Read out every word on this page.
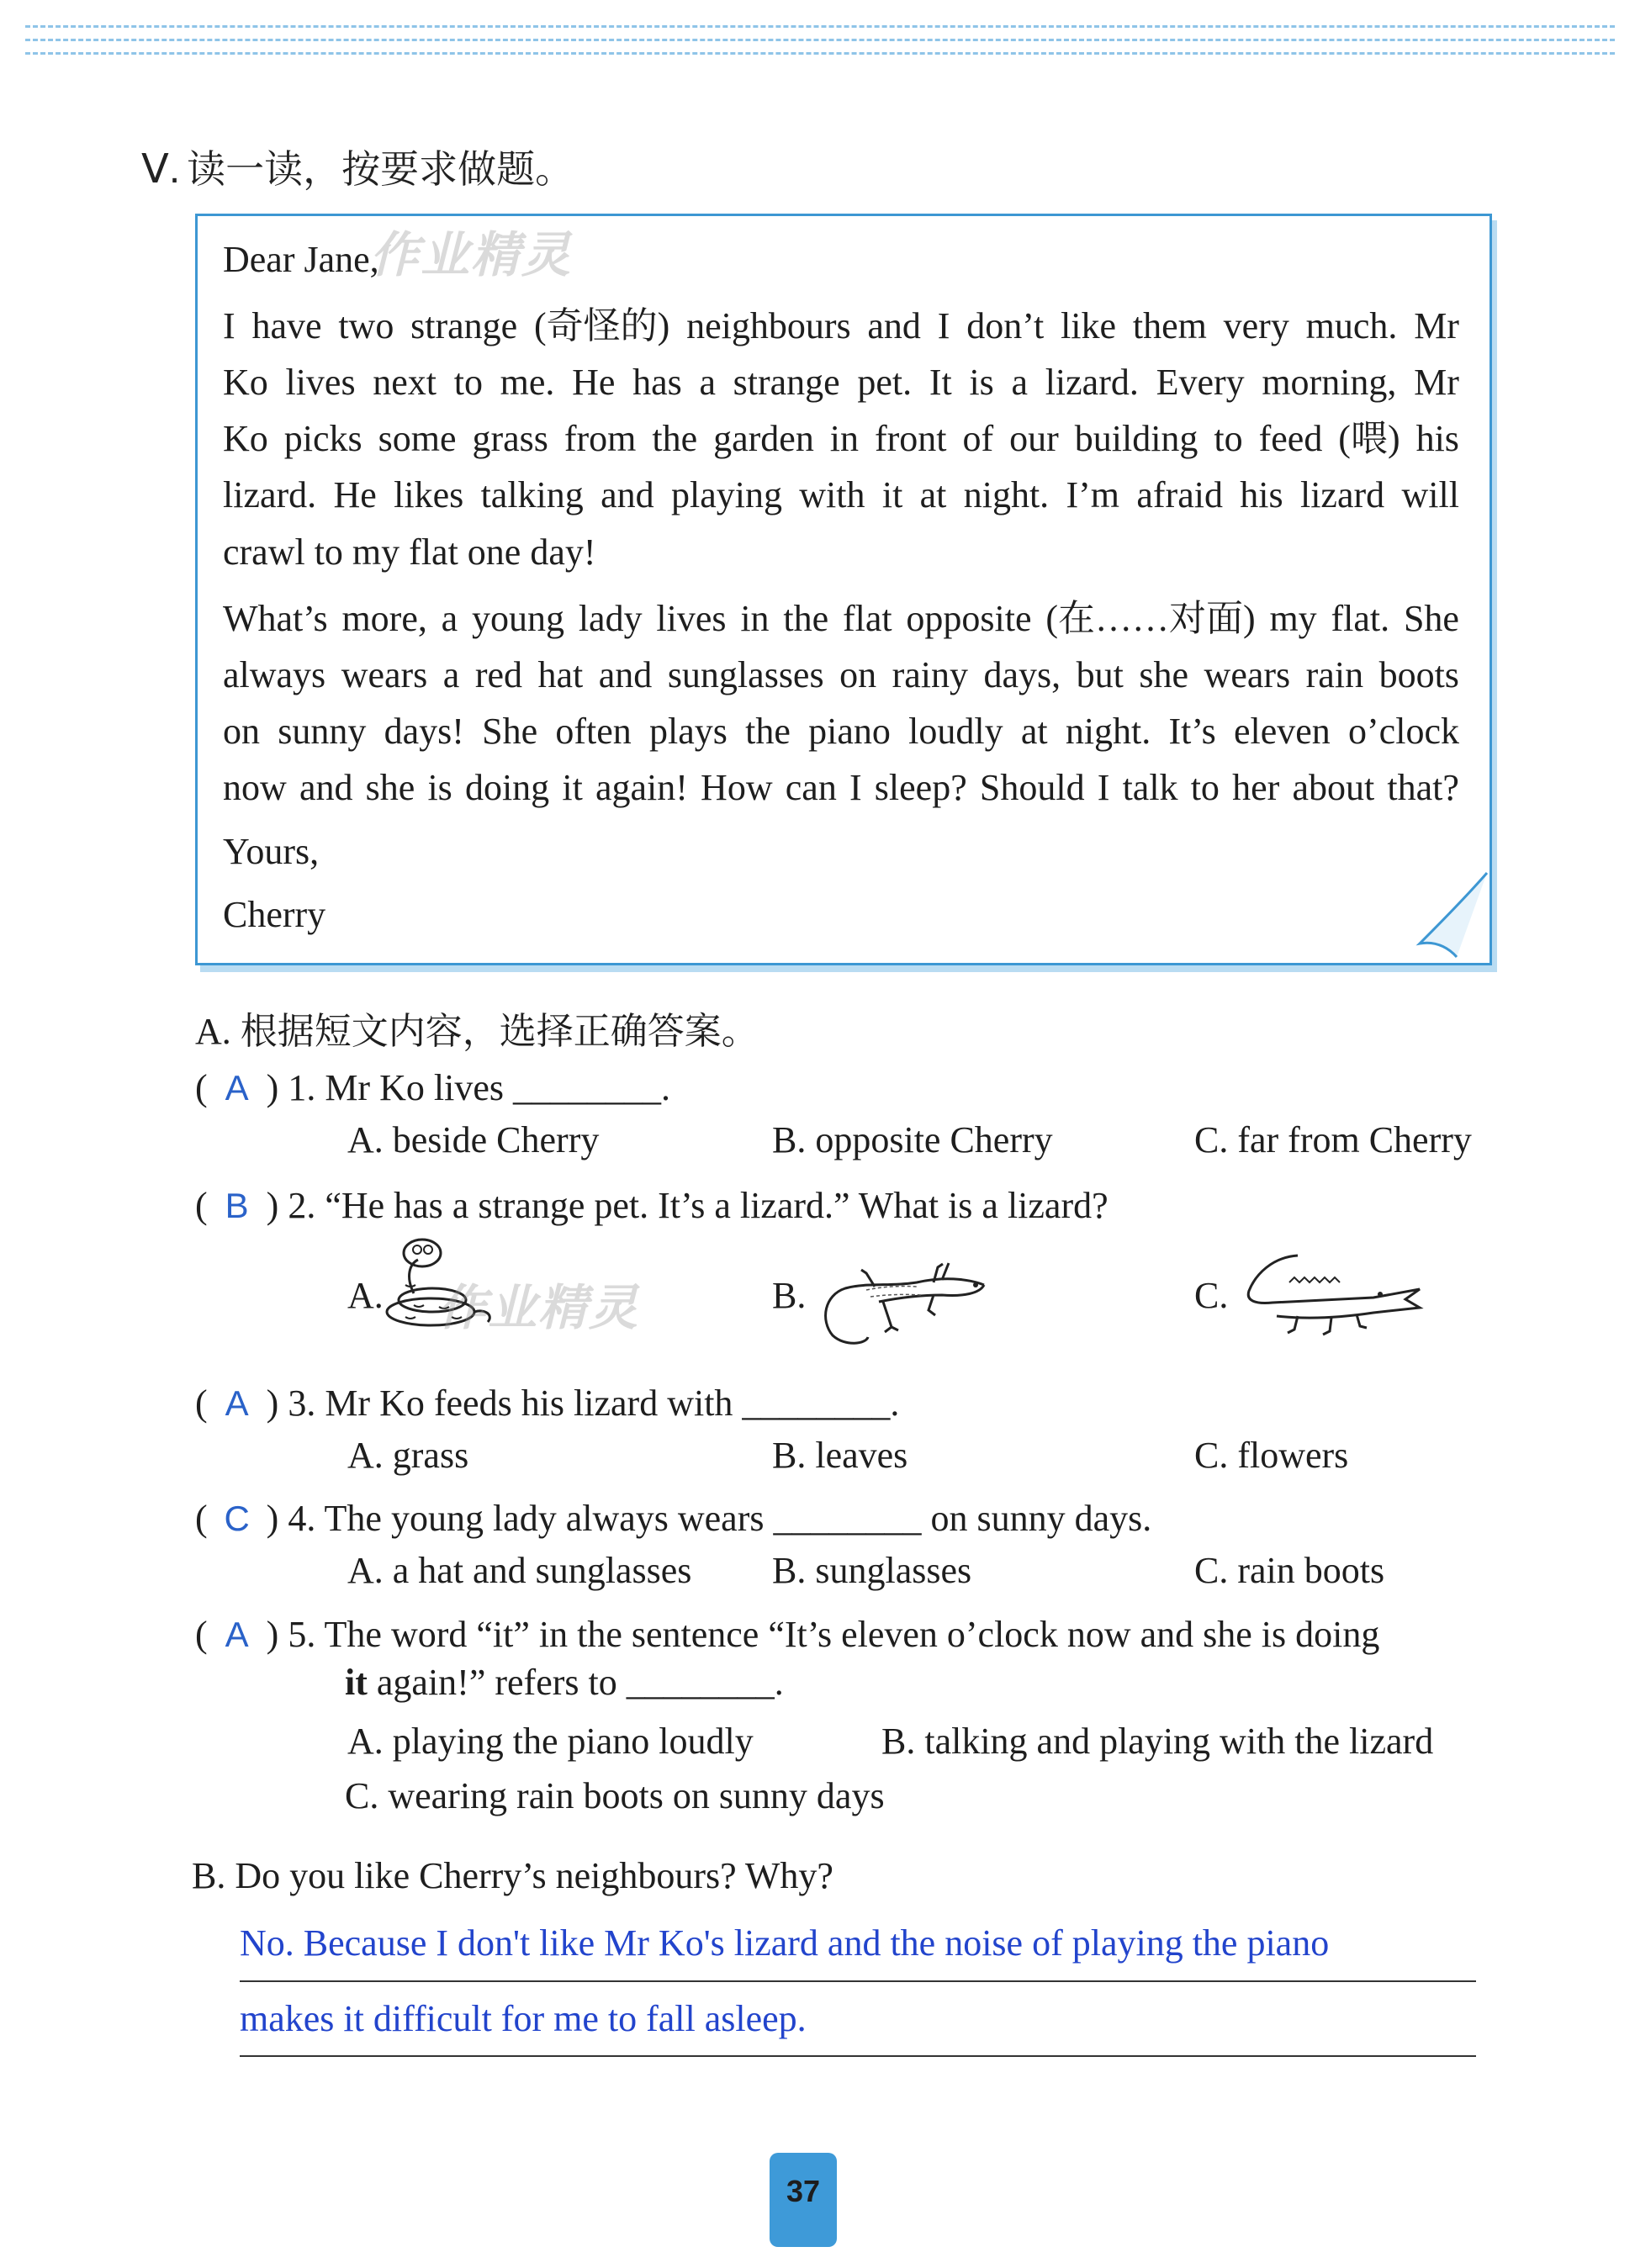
Ⅴ. 读一读，按要求做题。
Dear Jane,
作业精灵
I have two strange (奇怪的) neighbours and I don’t like them very much. Mr
Ko lives next to me. He has a strange pet. It is a lizard. Every morning, Mr
Ko picks some grass from the garden in front of our building to feed (喂) his
lizard. He likes talking and playing with it at night. I’m afraid his lizard will
crawl to my flat one day!
What’s more, a young lady lives in the flat opposite (在……对面) my flat. She
always wears a red hat and sunglasses on rainy days, but she wears rain boots
on sunny days! She often plays the piano loudly at night. It’s eleven o’clock
now and she is doing it again! How can I sleep? Should I talk to her about that?
Yours,
Cherry
A. 根据短文内容，选择正确答案。
( A ) 1. Mr Ko lives ________.
A. beside Cherry	B. opposite Cherry	C. far from Cherry
( B ) 2. “He has a strange pet. It’s a lizard.” What is a lizard?
A.	B.	C.
作业精灵
( A ) 3. Mr Ko feeds his lizard with ________.
A. grass	B. leaves	C. flowers
( C ) 4. The young lady always wears ________ on sunny days.
A. a hat and sunglasses B. sunglasses	C. rain boots
( A ) 5. The word “it” in the sentence “It’s eleven o’clock now and she is doing
it again!” refers to ________.
A. playing the piano loudly	B. talking and playing with the lizard
C. wearing rain boots on sunny days
B. Do you like Cherry’s neighbours? Why?
No. Because I don't like Mr Ko's lizard and the noise of playing the piano
makes it difficult for me to fall asleep.
37
